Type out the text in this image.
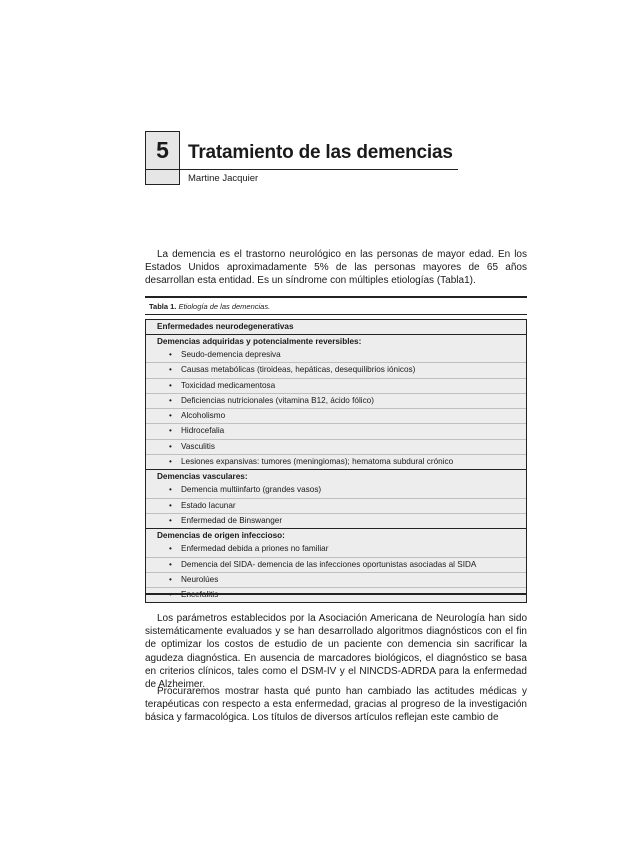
5 Tratamiento de las demencias
Martine Jacquier

La demencia es el trastorno neurológico en las personas de mayor edad. En los Estados Unidos aproximadamente 5% de las personas mayores de 65 años desarrollan esta entidad. Es un síndrome con múltiples etiologías (Tabla1).

Tabla 1. Etiología de las demencias.
Enfermedades neurodegenerativas
Demencias adquiridas y potencialmente reversibles:
• Seudo-demencia depresiva
• Causas metabólicas (tiroideas, hepáticas, desequilibrios iónicos)
• Toxicidad medicamentosa
• Deficiencias nutricionales (vitamina B12, ácido fólico)
• Alcoholismo
• Hidrocefalia
• Vasculitis
• Lesiones expansivas: tumores (meningiomas); hematoma subdural crónico
Demencias vasculares:
• Demencia multiinfarto (grandes vasos)
• Estado lacunar
• Enfermedad de Binswanger
Demencias de origen infeccioso:
• Enfermedad debida a priones no familiar
• Demencia del SIDA- demencia de las infecciones oportunistas asociadas al SIDA
• Neurolúes

Los parámetros establecidos por la Asociación Americana de Neurología han sido sistemáticamente evaluados y se han desarrollado algoritmos diagnósticos con el fin de optimizar los costos de estudio de un paciente con demencia sin sacrificar la agudeza diagnóstica. En ausencia de marcadores biológicos, el diagnóstico se basa en criterios clínicos, tales como el DSM-IV y el NINCDS-ADRDA para la enfermedad de Alzheimer.

Procuraremos mostrar hasta qué punto han cambiado las actitudes médicas y terapéuticas con respecto a esta enfermedad, gracias al progreso de la investigación básica y farmacológica. Los títulos de diversos artículos reflejan este cambio de
